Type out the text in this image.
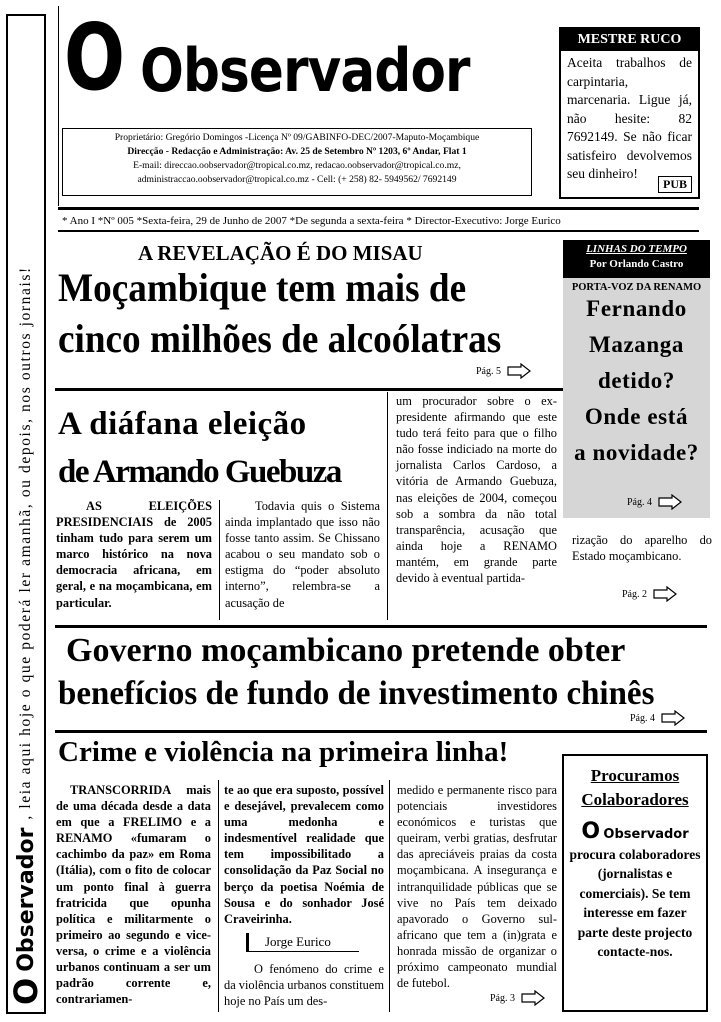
O
Observador
, leia aqui hoje o que poderá ler amanhã, ou depois, nos outros jornais!
O Observador
Proprietário: Gregório Domingos -Licença Nº 09/GABINFO-DEC/2007-Maputo-Moçambique
Direcção - Redacção e Administração: Av. 25 de Setembro Nº 1203, 6º Andar, Flat 1
E-mail: direccao.oobservador@tropical.co.mz, redacao.oobservador@tropical.co.mz,
administraccao.oobservador@tropical.co.mz - Cell: (+ 258) 82- 5949562/ 7692149
MESTRE RUCO
Aceita trabalhos de carpintaria, marcenaria. Ligue já, não hesite: 82 7692149. Se não ficar satisfeiro devolvemos seu dinheiro!
PUB
* Ano I *Nº 005 *Sexta-feira, 29 de Junho de 2007 *De segunda a sexta-feira * Director-Executivo: Jorge Eurico
A REVELAÇÃO É DO MISAU
Moçambique tem mais de
cinco milhões de alcoólatras
Pág. 5
LINHAS DO TEMPO
Por Orlando Castro
PORTA-VOZ DA RENAMO
Fernando
Mazanga
detido?
Onde está
a novidade?
Pág. 4
A diáfana eleição
de Armando Guebuza
AS ELEIÇÕES PRESIDENCIAIS de 2005 tinham tudo para serem um marco histórico na nova democracia africana, em geral, e na moçambicana, em particular.
Todavia quis o Sistema ainda implantado que isso não fosse tanto assim. Se Chissano acabou o seu mandato sob o estigma do “poder absoluto interno”, relembra-se a acusação de
um procurador sobre o ex-presidente afirmando que este tudo terá feito para que o filho não fosse indiciado na morte do jornalista Carlos Cardoso, a vitória de Armando Guebuza, nas eleições de 2004, começou sob a sombra da não total transparência, acusação que ainda hoje a RENAMO mantém, em grande parte devido à eventual partida-
rização do aparelho do Estado moçambicano.
Pág. 2
Governo moçambicano pretende obter
benefícios de fundo de investimento chinês
Pág. 4
Crime e violência na primeira linha!
TRANSCORRIDA mais de uma década desde a data em que a FRELIMO e a RENAMO «fumaram o cachimbo da paz» em Roma (Itália), com o fito de colocar um ponto final à guerra fratricida que opunha política e militarmente o primeiro ao segundo e vice-versa, o crime e a violência urbanos continuam a ser um padrão corrente e, contrariamen-
te ao que era suposto, possível e desejável, prevalecem como uma medonha e indesmentível realidade que tem impossibilitado a consolidação da Paz Social no berço da poetisa Noémia de Sousa e do sonhador José Craveirinha.
Jorge Eurico
O fenómeno do crime e da violência urbanos constituem hoje no País um des-
medido e permanente risco para potenciais investidores económicos e turistas que queiram, verbi gratias, desfrutar das apreciáveis praias da costa moçambicana. A insegurança e intranquilidade públicas que se vive no País tem deixado apavorado o Governo sul-africano que tem a (in)grata e honrada missão de organizar o próximo campeonato mundial de futebol.
Pág. 3
Procuramos
Colaboradores
O Observador procura colaboradores (jornalistas e comerciais). Se tem interesse em fazer parte deste projecto contacte-nos.
